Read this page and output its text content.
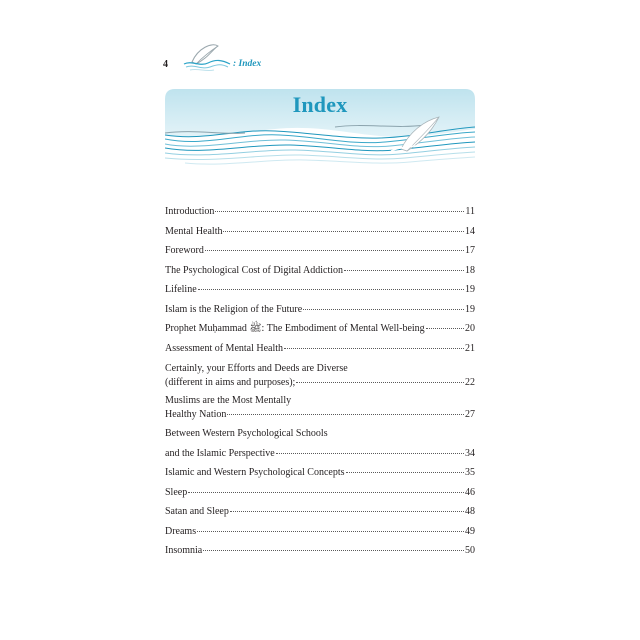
4	: Index
Index
Introduction	11
Mental Health	14
Foreword	17
The Psychological Cost of Digital Addiction	18
Lifeline	19
Islam is the Religion of the Future	19
Prophet Muḥammad ﷺ: The Embodiment of Mental Well-being	20
Assessment of Mental Health	21
Certainly, your Efforts and Deeds are Diverse
(different in aims and purposes);	22
Muslims are the Most Mentally
Healthy Nation	27
Between Western Psychological Schools
and the Islamic Perspective	34
Islamic and Western Psychological Concepts	35
Sleep	46
Satan and Sleep	48
Dreams	49
Insomnia	50
